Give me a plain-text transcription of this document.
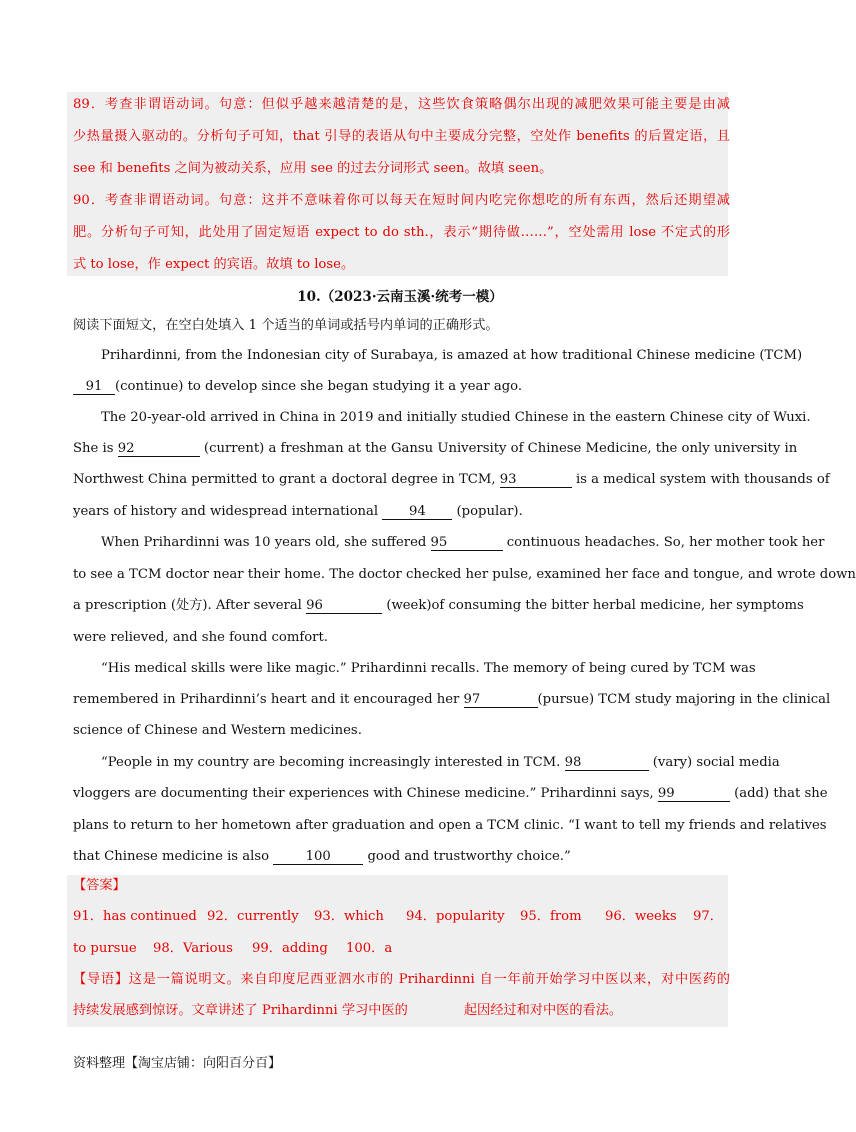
89．考查非谓语动词。句意：但似乎越来越清楚的是，这些饮食策略偶尔出现的减肥效果可能主要是由减
少热量摄入驱动的。分析句子可知，that 引导的表语从句中主要成分完整，空处作 benefits 的后置定语，且
see 和 benefits 之间为被动关系，应用 see 的过去分词形式 seen。故填 seen。
90．考查非谓语动词。句意：这并不意味着你可以每天在短时间内吃完你想吃的所有东西，然后还期望减
肥。分析句子可知，此处用了固定短语 expect to do sth.，表示“期待做……”，空处需用 lose 不定式的形
式 to lose，作 expect 的宾语。故填 to lose。
10.（2023·云南玉溪·统考一模）
阅读下面短文，在空白处填入 1 个适当的单词或括号内单词的正确形式。
Prihardinni, from the Indonesian city of Surabaya, is amazed at how traditional Chinese medicine (TCM)
91 (continue) to develop since she began studying it a year ago.
The 20-year-old arrived in China in 2019 and initially studied Chinese in the eastern Chinese city of Wuxi.
She is 92	(current) a freshman at the Gansu University of Chinese Medicine, the only university in
Northwest China permitted to grant a doctoral degree in TCM, 93	is a medical system with thousands of
years of history and widespread international 94 (popular).
When Prihardinni was 10 years old, she suffered 95	continuous headaches. So, her mother took her
to see a TCM doctor near their home. The doctor checked her pulse, examined her face and tongue, and wrote down
a prescription (处方). After several 96	(week)of consuming the bitter herbal medicine, her symptoms
were relieved, and she found comfort.
“His medical skills were like magic.” Prihardinni recalls. The memory of being cured by TCM was
remembered in Prihardinni’s heart and it encouraged her 97	(pursue) TCM study majoring in the clinical
science of Chinese and Western medicines.
“People in my country are becoming increasingly interested in TCM. 98	(vary) social media
vloggers are documenting their experiences with Chinese medicine.” Prihardinni says, 99	(add) that she
plans to return to her hometown after graduation and open a TCM clinic. “I want to tell my friends and relatives
that Chinese medicine is also	100	good and trustworthy choice.”
【答案】
91．has continued 92．currently 93．which 94．popularity 95．from 96．weeks 97．
to pursue 98．Various 99．adding 100．a
【导语】这是一篇说明文。来自印度尼西亚泗水市的 Prihardinni 自一年前开始学习中医以来，对中医药的
持续发展感到惊讶。文章讲述了 Prihardinni 学习中医的	起因经过和对中医的看法。
资料整理【淘宝店铺：向阳百分百】
